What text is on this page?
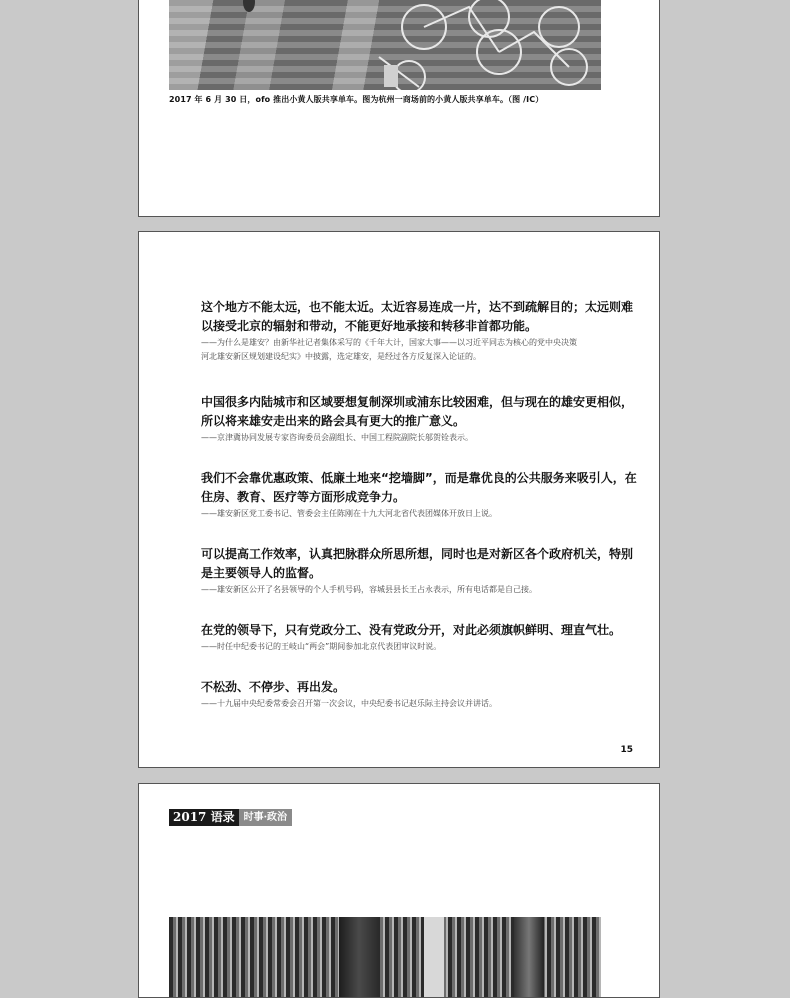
2017 年 6 月 30 日，ofo 推出小黄人版共享单车。图为杭州一商场前的小黄人版共享单车。（图 /IC）

这个地方不能太远，也不能太近。太近容易连成一片，达不到疏解目的；太远则难以接受北京的辐射和带动，不能更好地承接和转移非首都功能。

——为什么是雄安？由新华社记者集体采写的《千年大计，国家大事——以习近平同志为核心的党中央决策

河北雄安新区规划建设纪实》中披露，选定雄安，是经过各方反复深入论证的。

中国很多内陆城市和区域要想复制深圳或浦东比较困难，但与现在的雄安更相似，所以将来雄安走出来的路会具有更大的推广意义。

——京津冀协同发展专家咨询委员会副组长、中国工程院副院长邬贺铨表示。

我们不会靠优惠政策、低廉土地来“挖墙脚”，而是靠优良的公共服务来吸引人，在住房、教育、医疗等方面形成竞争力。

——雄安新区党工委书记、管委会主任陈刚在十九大河北省代表团媒体开放日上说。

可以提高工作效率，认真把脉群众所思所想，同时也是对新区各个政府机关，特别是主要领导人的监督。

——雄安新区公开了名县领导的个人手机号码，容城县县长王占永表示，所有电话都是自己接。

在党的领导下，只有党政分工、没有党政分开，对此必须旗帜鲜明、理直气壮。

——时任中纪委书记的王岐山“两会”期间参加北京代表团审议时说。

不松劲、不停步、再出发。

——十九届中央纪委常委会召开第一次会议，中央纪委书记赵乐际主持会议并讲话。

15
2017 语录 时事·政治
